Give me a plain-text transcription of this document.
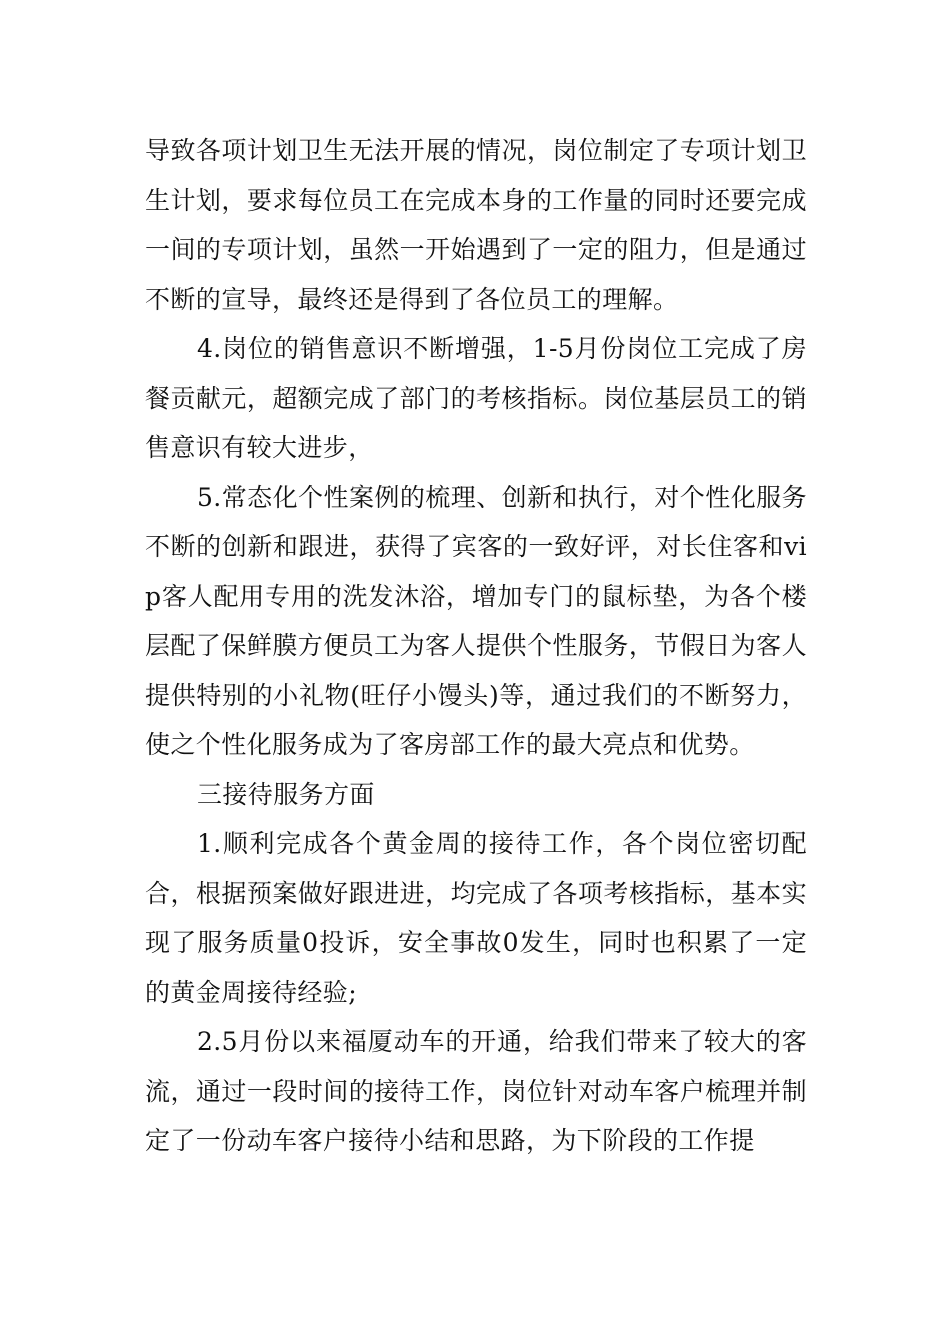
导致各项计划卫生无法开展的情况，岗位制定了专项计划卫生计划，要求每位员工在完成本身的工作量的同时还要完成一间的专项计划，虽然一开始遇到了一定的阻力，但是通过不断的宣导，最终还是得到了各位员工的理解。

4.岗位的销售意识不断增强，1-5月份岗位工完成了房餐贡献元，超额完成了部门的考核指标。岗位基层员工的销售意识有较大进步，

5.常态化个性案例的梳理、创新和执行，对个性化服务不断的创新和跟进，获得了宾客的一致好评，对长住客和vip客人配用专用的洗发沐浴，增加专门的鼠标垫，为各个楼层配了保鲜膜方便员工为客人提供个性服务，节假日为客人提供特别的小礼物(旺仔小馒头)等，通过我们的不断努力，使之个性化服务成为了客房部工作的最大亮点和优势。

三接待服务方面

1.顺利完成各个黄金周的接待工作，各个岗位密切配合，根据预案做好跟进进，均完成了各项考核指标，基本实现了服务质量0投诉，安全事故0发生，同时也积累了一定的黄金周接待经验;

2.5月份以来福厦动车的开通，给我们带来了较大的客流，通过一段时间的接待工作，岗位针对动车客户梳理并制定了一份动车客户接待小结和思路，为下阶段的工作提
